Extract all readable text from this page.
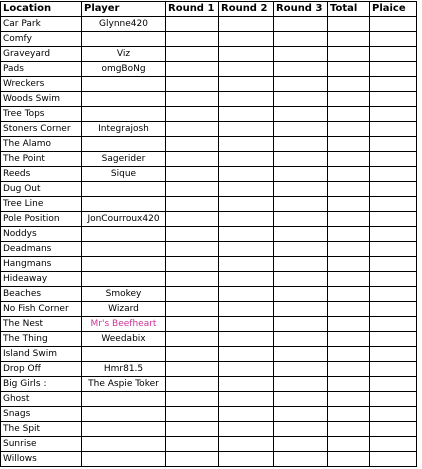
Location	Player	Round 1	Round 2	Round 3	Total	Plaice
Car Park	Glynne420					
Comfy						
Graveyard	Viz					
Pads	omgBoNg					
Wreckers						
Woods Swim						
Tree Tops						
Stoners Corner	Integrajosh					
The Alamo						
The Point	Sagerider					
Reeds	Sique					
Dug Out						
Tree Line						
Pole Position	JonCourroux420					
Noddys						
Deadmans						
Hangmans						
Hideaway						
Beaches	Smokey					
No Fish Corner	Wizard					
The Nest	Mr's Beefheart					
The Thing	Weedabix					
Island Swim						
Drop Off	Hmr81.5					
Big Girls :	The Aspie Toker					
Ghost						
Snags						
The Spit						
Sunrise						
Willows						
